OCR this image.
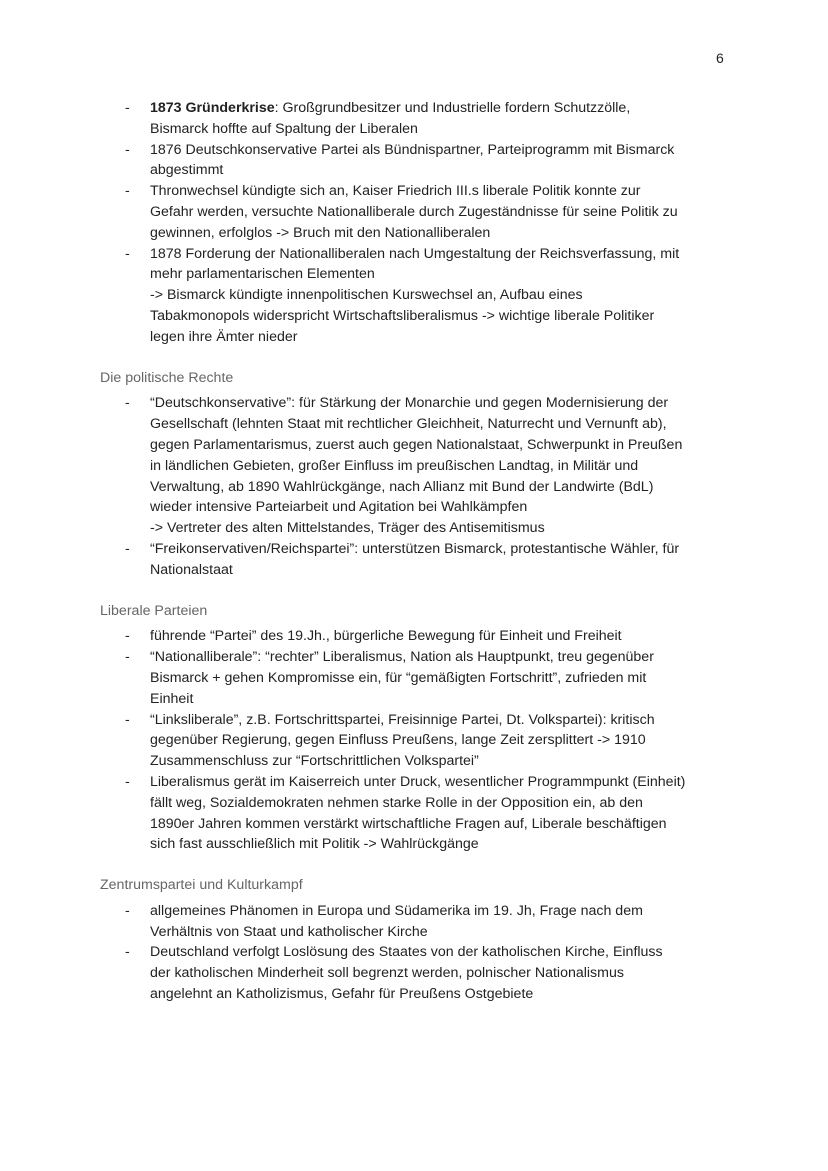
6
- 1873 Gründerkrise: Großgrundbesitzer und Industrielle fordern Schutzzölle,
Bismarck hoffte auf Spaltung der Liberalen
- 1876 Deutschkonservative Partei als Bündnispartner, Parteiprogramm mit Bismarck
abgestimmt
- Thronwechsel kündigte sich an, Kaiser Friedrich III.s liberale Politik konnte zur
Gefahr werden, versuchte Nationalliberale durch Zugeständnisse für seine Politik zu
gewinnen, erfolglos -> Bruch mit den Nationalliberalen
- 1878 Forderung der Nationalliberalen nach Umgestaltung der Reichsverfassung, mit
mehr parlamentarischen Elementen
-> Bismarck kündigte innenpolitischen Kurswechsel an, Aufbau eines
Tabakmonopols widerspricht Wirtschaftsliberalismus -> wichtige liberale Politiker
legen ihre Ämter nieder
Die politische Rechte
- “Deutschkonservative”: für Stärkung der Monarchie und gegen Modernisierung der
Gesellschaft (lehnten Staat mit rechtlicher Gleichheit, Naturrecht und Vernunft ab),
gegen Parlamentarismus, zuerst auch gegen Nationalstaat, Schwerpunkt in Preußen
in ländlichen Gebieten, großer Einfluss im preußischen Landtag, in Militär und
Verwaltung, ab 1890 Wahlrückgänge, nach Allianz mit Bund der Landwirte (BdL)
wieder intensive Parteiarbeit und Agitation bei Wahlkämpfen
-> Vertreter des alten Mittelstandes, Träger des Antisemitismus
- “Freikonservativen/Reichspartei”: unterstützen Bismarck, protestantische Wähler, für
Nationalstaat
Liberale Parteien
- führende “Partei” des 19.Jh., bürgerliche Bewegung für Einheit und Freiheit
- “Nationalliberale”: “rechter” Liberalismus, Nation als Hauptpunkt, treu gegenüber
Bismarck + gehen Kompromisse ein, für “gemäßigten Fortschritt”, zufrieden mit
Einheit
- “Linksliberale”, z.B. Fortschrittspartei, Freisinnige Partei, Dt. Volkspartei): kritisch
gegenüber Regierung, gegen Einfluss Preußens, lange Zeit zersplittert -> 1910
Zusammenschluss zur “Fortschrittlichen Volkspartei”
- Liberalismus gerät im Kaiserreich unter Druck, wesentlicher Programmpunkt (Einheit)
fällt weg, Sozialdemokraten nehmen starke Rolle in der Opposition ein, ab den
1890er Jahren kommen verstärkt wirtschaftliche Fragen auf, Liberale beschäftigen
sich fast ausschließlich mit Politik -> Wahlrückgänge
Zentrumspartei und Kulturkampf
- allgemeines Phänomen in Europa und Südamerika im 19. Jh, Frage nach dem
Verhältnis von Staat und katholischer Kirche
- Deutschland verfolgt Loslösung des Staates von der katholischen Kirche, Einfluss
der katholischen Minderheit soll begrenzt werden, polnischer Nationalismus
angelehnt an Katholizismus, Gefahr für Preußens Ostgebiete
